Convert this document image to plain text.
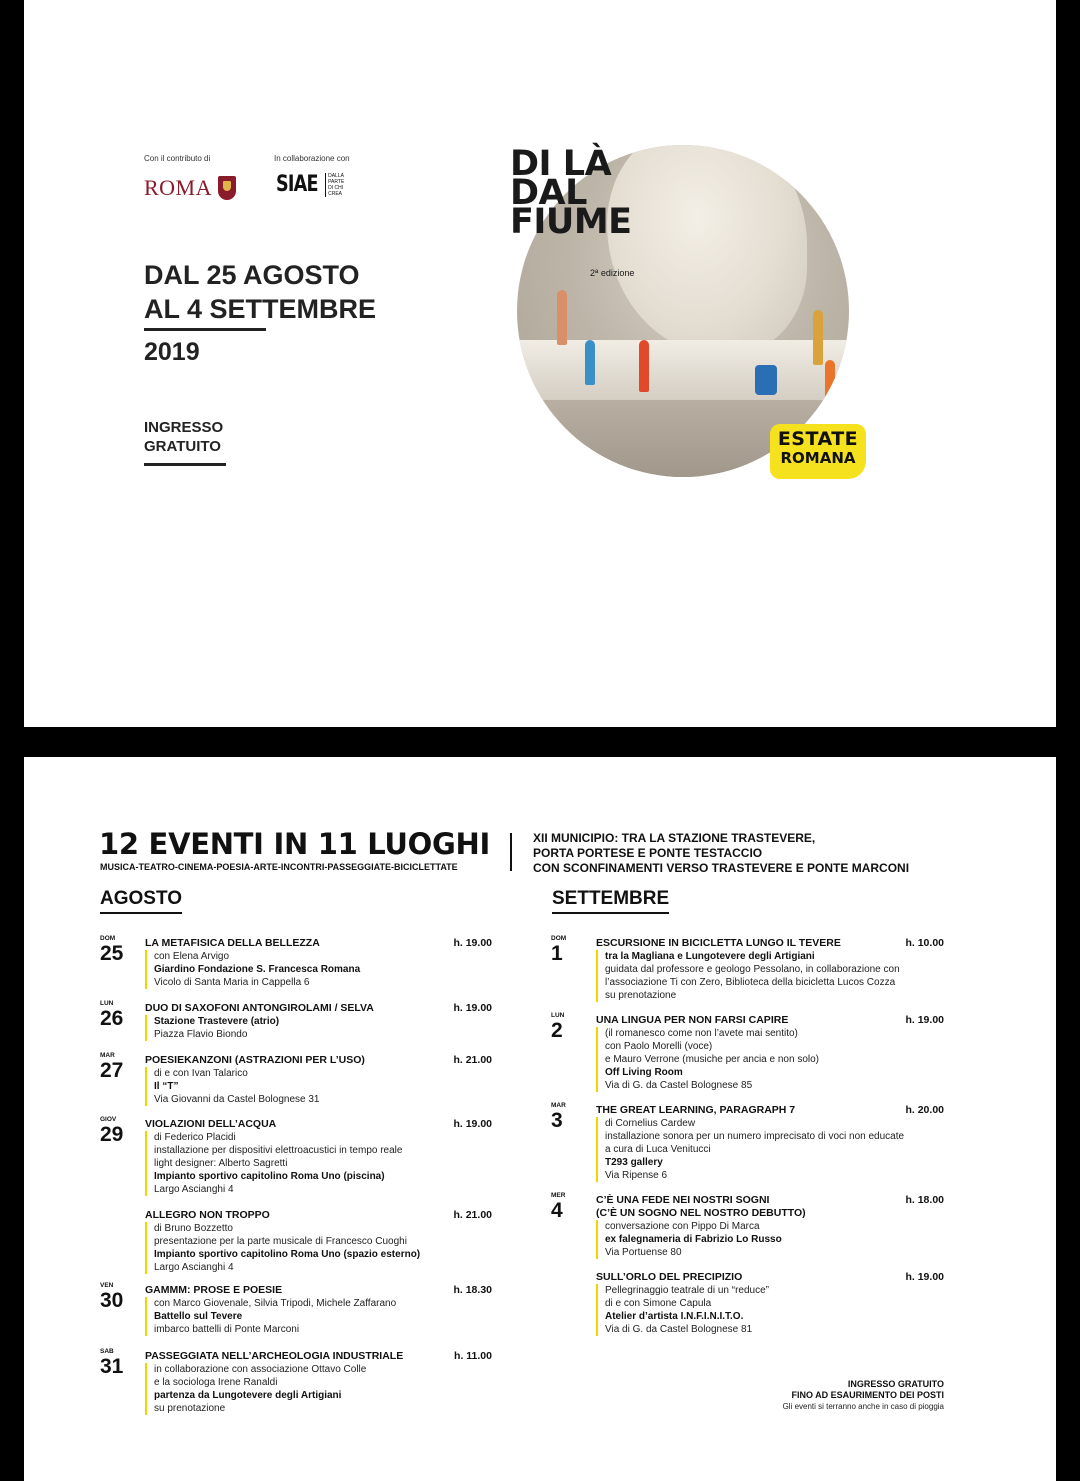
Con il contributo di	In collaborazione con
ROMA	SIAE	DALLA PARTE DI CHI CREA
DAL 25 AGOSTO
AL 4 SETTEMBRE
2019
INGRESSO
GRATUITO
DI LÀ
DAL
FIUME
2ª edizione
ESTATE
ROMANA
12 EVENTI IN 11 LUOGHI
MUSICA-TEATRO-CINEMA-POESIA-ARTE-INCONTRI-PASSEGGIATE-BICICLETTATE
XII MUNICIPIO: TRA LA STAZIONE TRASTEVERE,
PORTA PORTESE E PONTE TESTACCIO
CON SCONFINAMENTI VERSO TRASTEVERE E PONTE MARCONI
AGOSTO	SETTEMBRE
DOM
25 LA METAFISICA DELLA BELLEZZA	h. 19.00
con Elena Arvigo
Giardino Fondazione S. Francesca Romana
Vicolo di Santa Maria in Cappella 6
LUN
26 DUO DI SAXOFONI ANTONGIROLAMI / SELVA	h. 19.00
Stazione Trastevere (atrio)
Piazza Flavio Biondo
MAR
27 POESIEKANZONI (ASTRAZIONI PER L’USO)	h. 21.00
di e con Ivan Talarico
Il “T”
Via Giovanni da Castel Bolognese 31
GIOV
29 VIOLAZIONI DELL’ACQUA	h. 19.00
di Federico Placidi
installazione per dispositivi elettroacustici in tempo reale
light designer: Alberto Sagretti
Impianto sportivo capitolino Roma Uno (piscina)
Largo Ascianghi 4
ALLEGRO NON TROPPO	h. 21.00
di Bruno Bozzetto
presentazione per la parte musicale di Francesco Cuoghi
Impianto sportivo capitolino Roma Uno (spazio esterno)
Largo Ascianghi 4
VEN
30 GAMMM: PROSE E POESIE	h. 18.30
con Marco Giovenale, Silvia Tripodi, Michele Zaffarano
Battello sul Tevere
imbarco battelli di Ponte Marconi
SAB
31 PASSEGGIATA NELL’ARCHEOLOGIA INDUSTRIALE	h. 11.00
in collaborazione con associazione Ottavo Colle
e la sociologa Irene Ranaldi
partenza da Lungotevere degli Artigiani
su prenotazione
DOM
1	ESCURSIONE IN BICICLETTA LUNGO IL TEVERE	h. 10.00
tra la Magliana e Lungotevere degli Artigiani
guidata dal professore e geologo Pessolano, in collaborazione con
l’associazione Ti con Zero, Biblioteca della bicicletta Lucos Cozza
su prenotazione
LUN
2	UNA LINGUA PER NON FARSI CAPIRE	h. 19.00
(il romanesco come non l’avete mai sentito)
con Paolo Morelli (voce)
e Mauro Verrone (musiche per ancia e non solo)
Off Living Room
Via di G. da Castel Bolognese 85
MAR
3	THE GREAT LEARNING, PARAGRAPH 7	h. 20.00
di Cornelius Cardew
installazione sonora per un numero imprecisato di voci non educate
a cura di Luca Venitucci
T293 gallery
Via Ripense 6
MER
4	C’È UNA FEDE NEI NOSTRI SOGNI
(C’È UN SOGNO NEL NOSTRO DEBUTTO)
h. 18.00
conversazione con Pippo Di Marca
ex falegnameria di Fabrizio Lo Russo
Via Portuense 80
SULL’ORLO DEL PRECIPIZIO	h. 19.00
Pellegrinaggio teatrale di un “reduce”
di e con Simone Capula
Atelier d’artista I.N.F.I.N.I.T.O.
Via di G. da Castel Bolognese 81
INGRESSO GRATUITO
FINO AD ESAURIMENTO DEI POSTI
Gli eventi si terranno anche in caso di pioggia
